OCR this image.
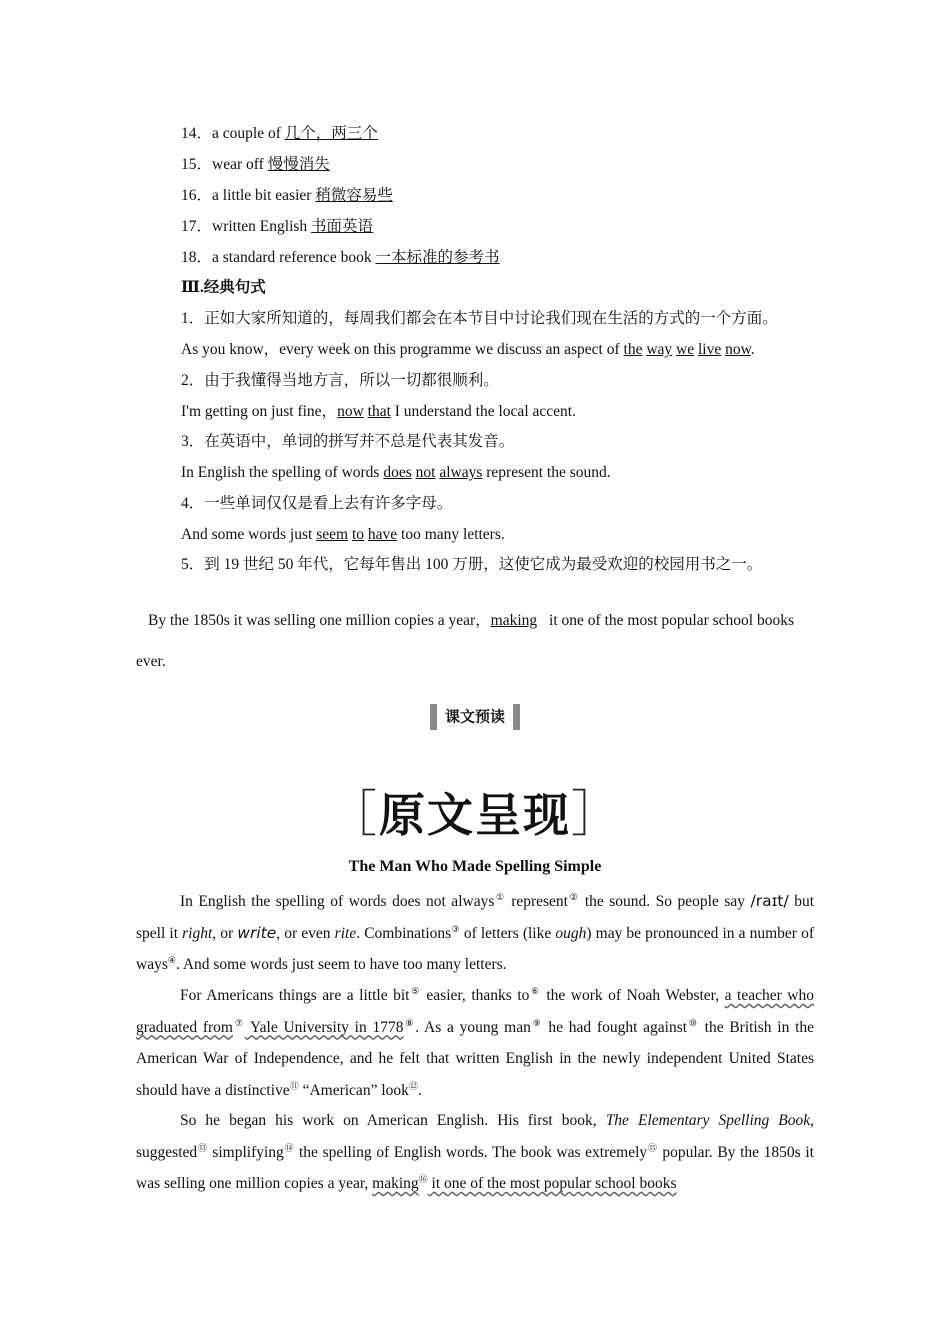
14．a couple of 几个，两三个
15．wear off 慢慢消失
16．a little bit easier 稍微容易些
17．written English 书面英语
18．a standard reference book 一本标准的参考书
Ⅲ.经典句式
1．正如大家所知道的，每周我们都会在本节目中讨论我们现在生活的方式的一个方面。
As you know，every week on this programme we discuss an aspect of the way we live now.
2．由于我懂得当地方言，所以一切都很顺利。
I'm getting on just fine，now that I understand the local accent.
3．在英语中，单词的拼写并不总是代表其发音。
In English the spelling of words does not always represent the sound.
4．一些单词仅仅是看上去有许多字母。
And some words just seem to have too many letters.
5．到 19 世纪 50 年代，它每年售出 100 万册，这使它成为最受欢迎的校园用书之一。
By the 1850s it was selling one million copies a year，making it one of the most popular school books ever.
课文预读
［原文呈现］
The Man Who Made Spelling Simple
In English the spelling of words does not always① represent② the sound. So people say /raɪt/ but spell it right, or write, or even rite. Combinations③ of letters (like ough) may be pronounced in a number of ways④. And some words just seem to have too many letters.
For Americans things are a little bit⑤ easier, thanks to⑥ the work of Noah Webster, a teacher who graduated from⑦ Yale University in 1778⑧. As a young man⑨ he had fought against⑩ the British in the American War of Independence, and he felt that written English in the newly independent United States should have a distinctive⑪ “American” look⑫.
So he began his work on American English. His first book, The Elementary Spelling Book, suggested⑬ simplifying⑭ the spelling of English words. The book was extremely⑮ popular. By the 1850s it was selling one million copies a year, making⑯ it one of the most popular school books
